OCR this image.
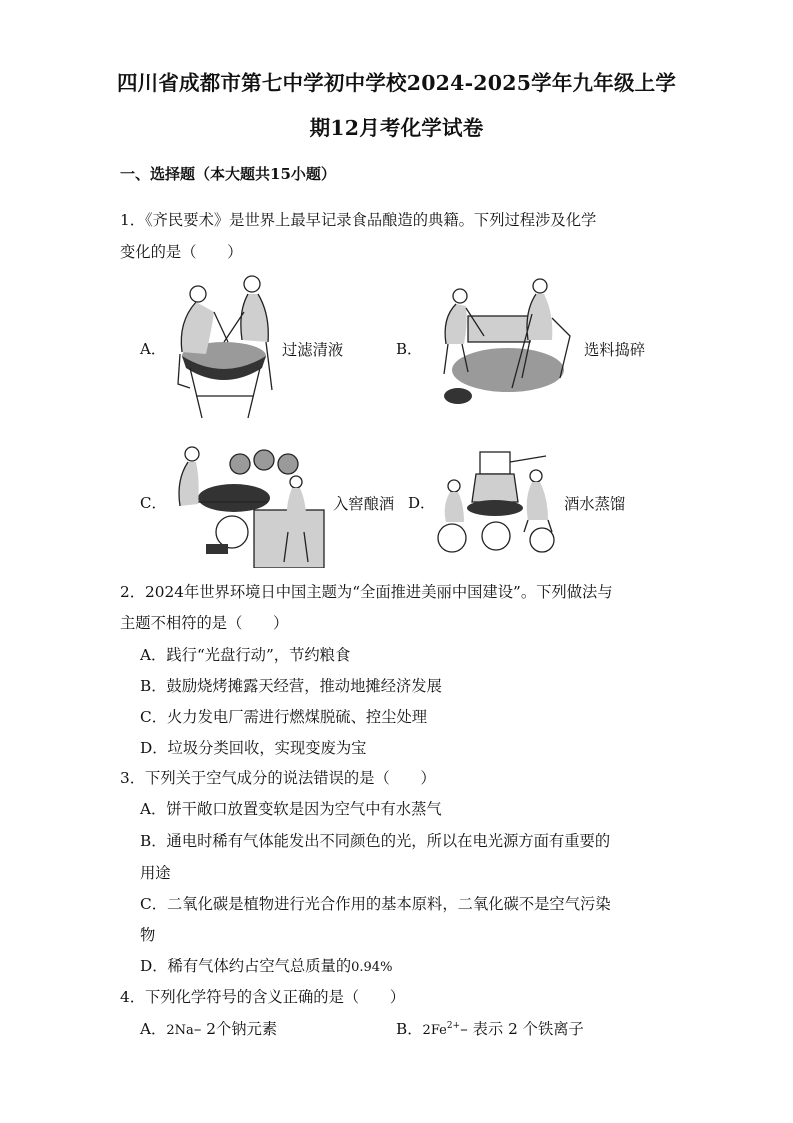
四川省成都市第七中学初中学校2024-2025学年九年级上学
期12月考化学试卷
一、选择题（本大题共15小题）
1．《齐民要术》是世界上最早记录食品酿造的典籍。下列过程涉及化学
变化的是（　　）
A．	过滤清液	B．	选料捣碎
C．	入窖酿酒 D．	酒水蒸馏
2．2024年世界环境日中国主题为“全面推进美丽中国建设”。下列做法与
主题不相符的是（　　）
A．践行“光盘行动”，节约粮食
B．鼓励烧烤摊露天经营，推动地摊经济发展
C．火力发电厂需进行燃煤脱硫、控尘处理
D．垃圾分类回收，实现变废为宝
3．下列关于空气成分的说法错误的是（　　）
A．饼干敞口放置变软是因为空气中有水蒸气
B．通电时稀有气体能发出不同颜色的光，所以在电光源方面有重要的
用途
C．二氧化碳是植物进行光合作用的基本原料，二氧化碳不是空气污染
物
D．稀有气体约占空气总质量的0.94%
4．下列化学符号的含义正确的是（　　）
A．2Na– 2个钠元素	B．$2Fe^{2+}-$ 表示 2 个铁离子
